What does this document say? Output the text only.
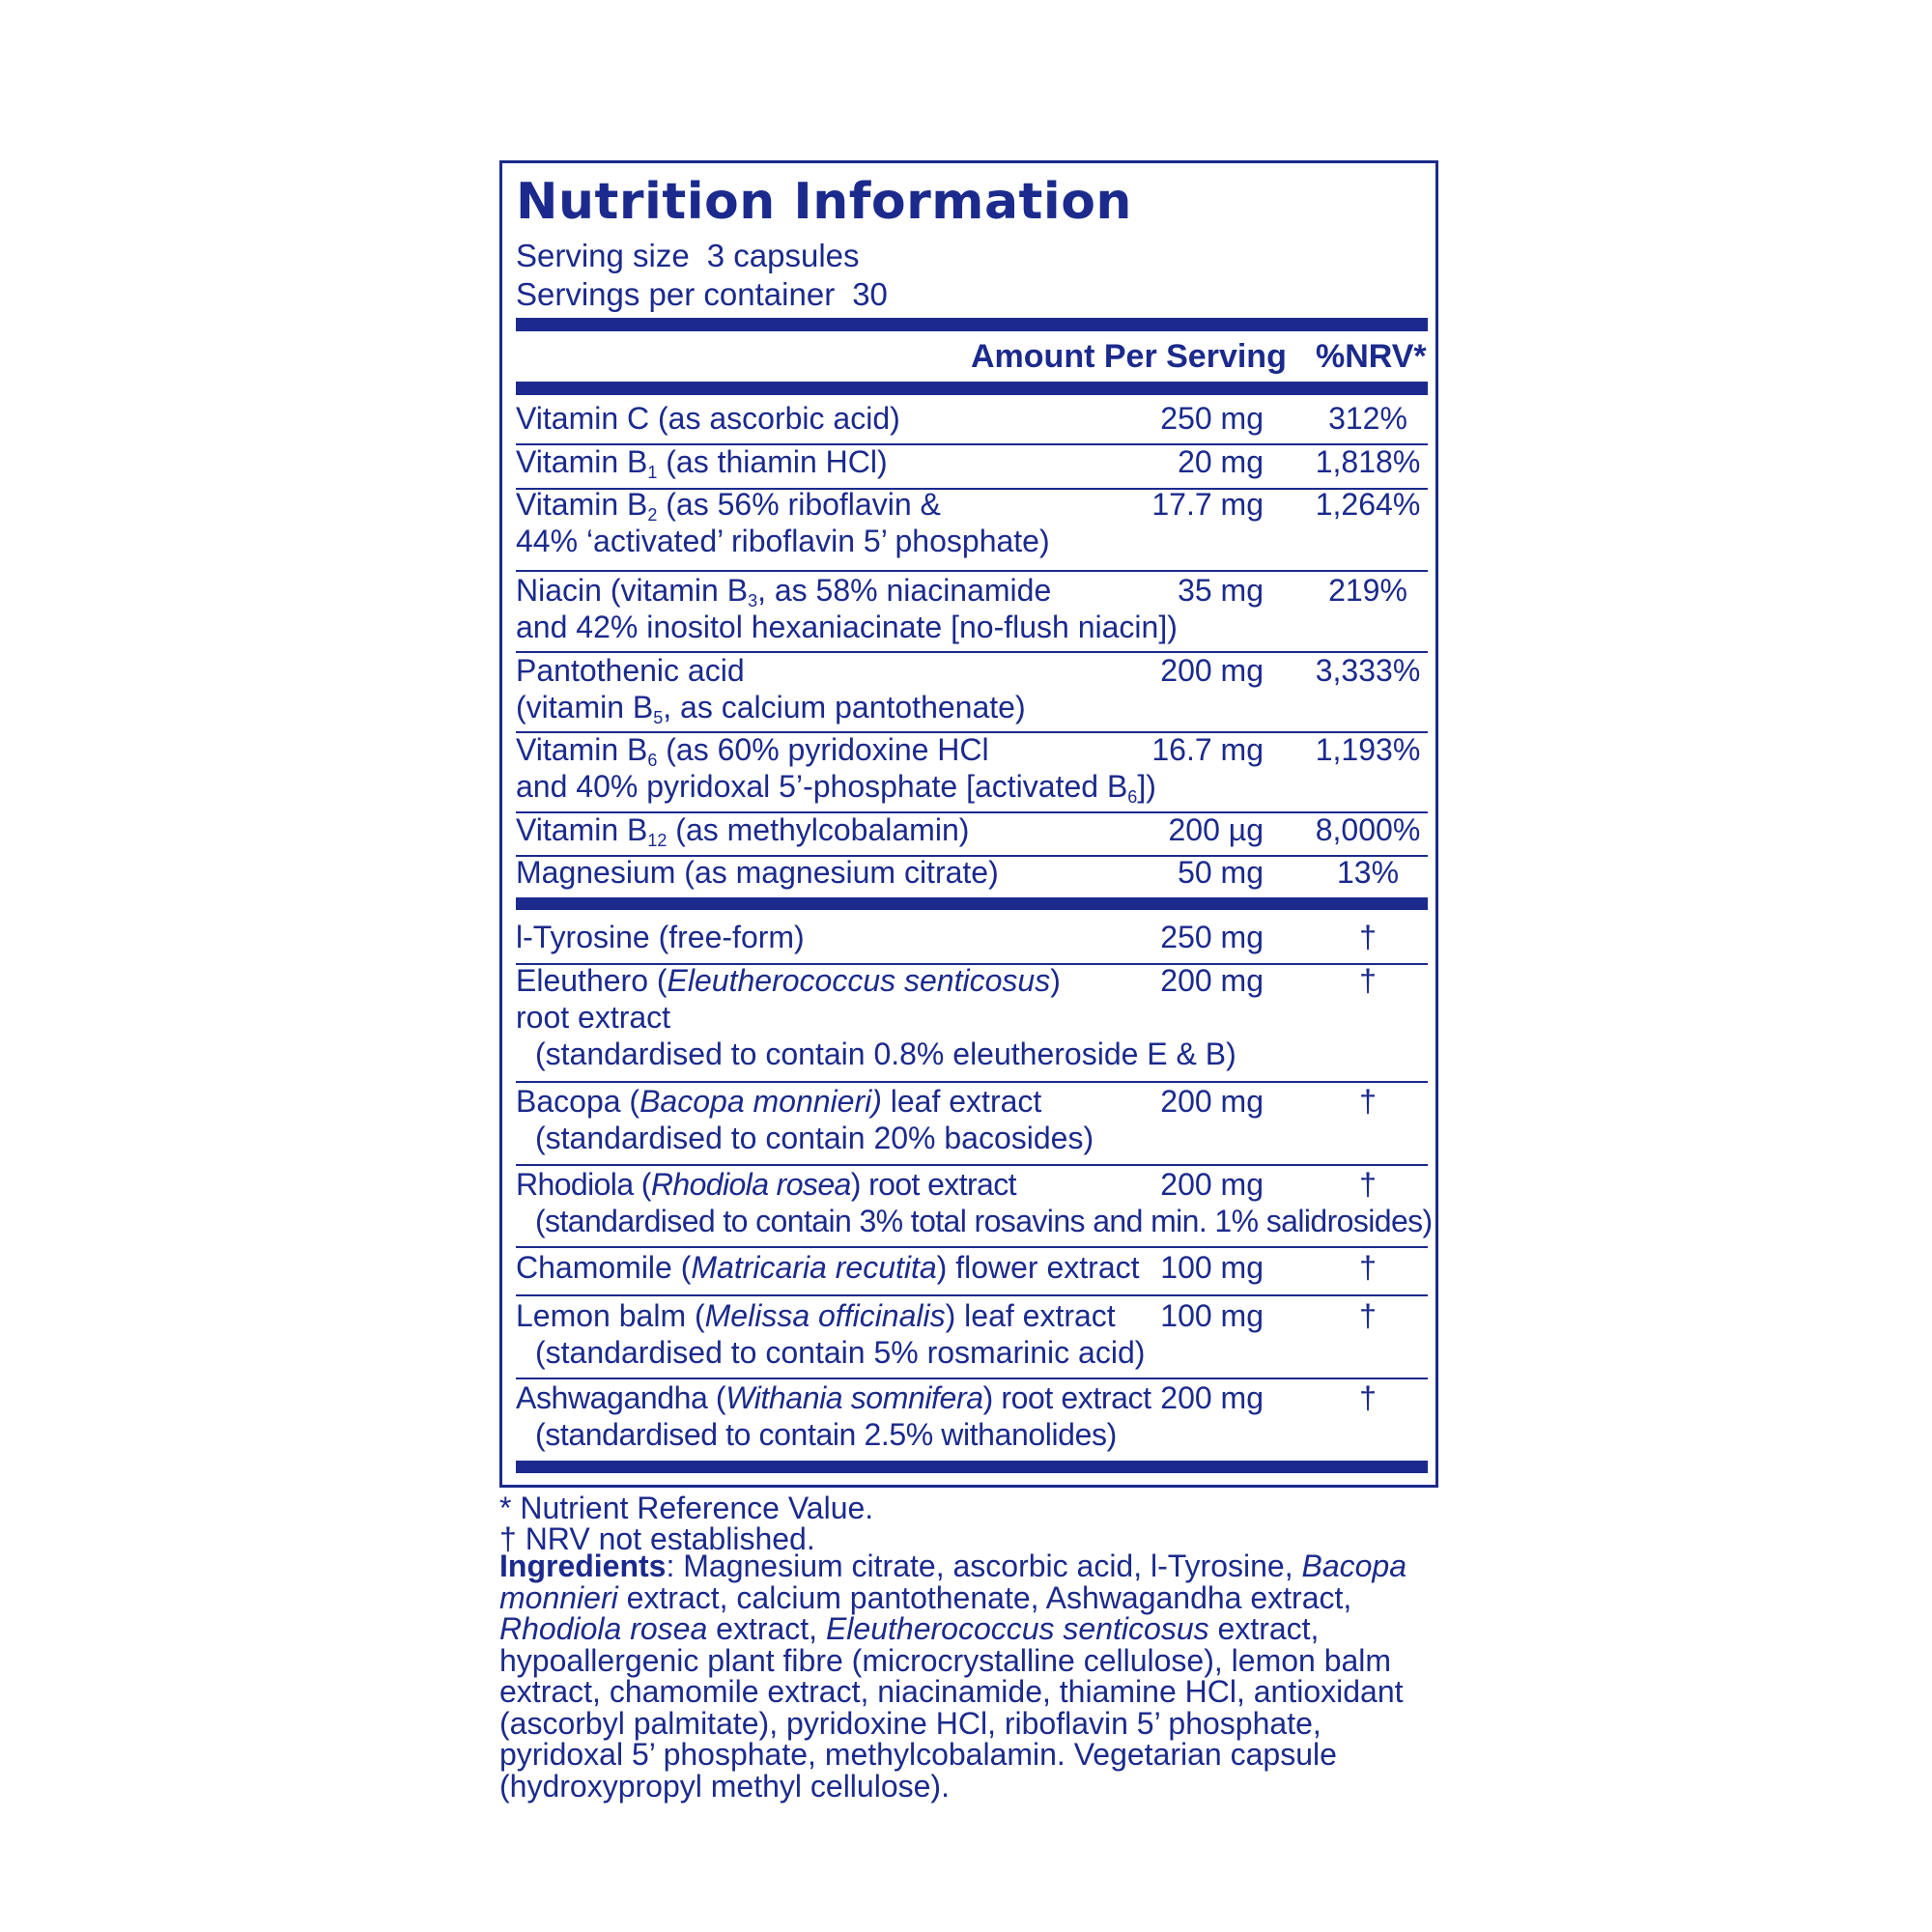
Nutrition Information
Serving size 3 capsules
Servings per container 30
Amount Per Serving %NRV*
Vitamin C (as ascorbic acid)	250 mg	312%
Vitamin $B_1$ (as thiamin HCl)	20 mg 1,818%
Vitamin $B_2$ (as 56% riboflavin &
44% ‘activated’ riboflavin 5’ phosphate)
17.7 mg 1,264%
Niacin (vitamin $B_3$, as 58% niacinamide
and 42% inositol hexaniacinate [no-flush niacin])
35 mg	219%
Pantothenic acid
(vitamin $B_5$, as calcium pantothenate)
200 mg 3,333%
Vitamin $B_6$ (as 60% pyridoxine HCl
and 40% pyridoxal 5’-phosphate [activated $B_6$])
16.7 mg 1,193%
Vitamin $B_{12}$ (as methylcobalamin)	200 µg 8,000%
Magnesium (as magnesium citrate)	50 mg	13%
l-Tyrosine (free-form)	250 mg	†
Eleuthero (Eleutherococcus senticosus)
root extract
(standardised to contain 0.8% eleutheroside E & B)
200 mg	†
Bacopa (Bacopa monnieri) leaf extract
(standardised to contain 20% bacosides)
200 mg	†
Rhodiola (Rhodiola rosea) root extract
(standardised to contain 3% total rosavins and min. 1% salidrosides)
200 mg	†
Chamomile (Matricaria recutita) flower extract 100 mg	†
Lemon balm (Melissa officinalis) leaf extract
(standardised to contain 5% rosmarinic acid)
100 mg	†
Ashwagandha (Withania somnifera) root extract
(standardised to contain 2.5% withanolides)
200 mg	†
* Nutrient Reference Value.
† NRV not established.
Ingredients: Magnesium citrate, ascorbic acid, l-Tyrosine, Bacopa monnieri extract, calcium pantothenate, Ashwagandha extract, Rhodiola rosea extract, Eleutherococcus senticosus extract, hypoallergenic plant fibre (microcrystalline cellulose), lemon balm extract, chamomile extract, niacinamide, thiamine HCl, antioxidant (ascorbyl palmitate), pyridoxine HCl, riboflavin 5’ phosphate, pyridoxal 5’ phosphate, methylcobalamin. Vegetarian capsule (hydroxypropyl methyl cellulose).
